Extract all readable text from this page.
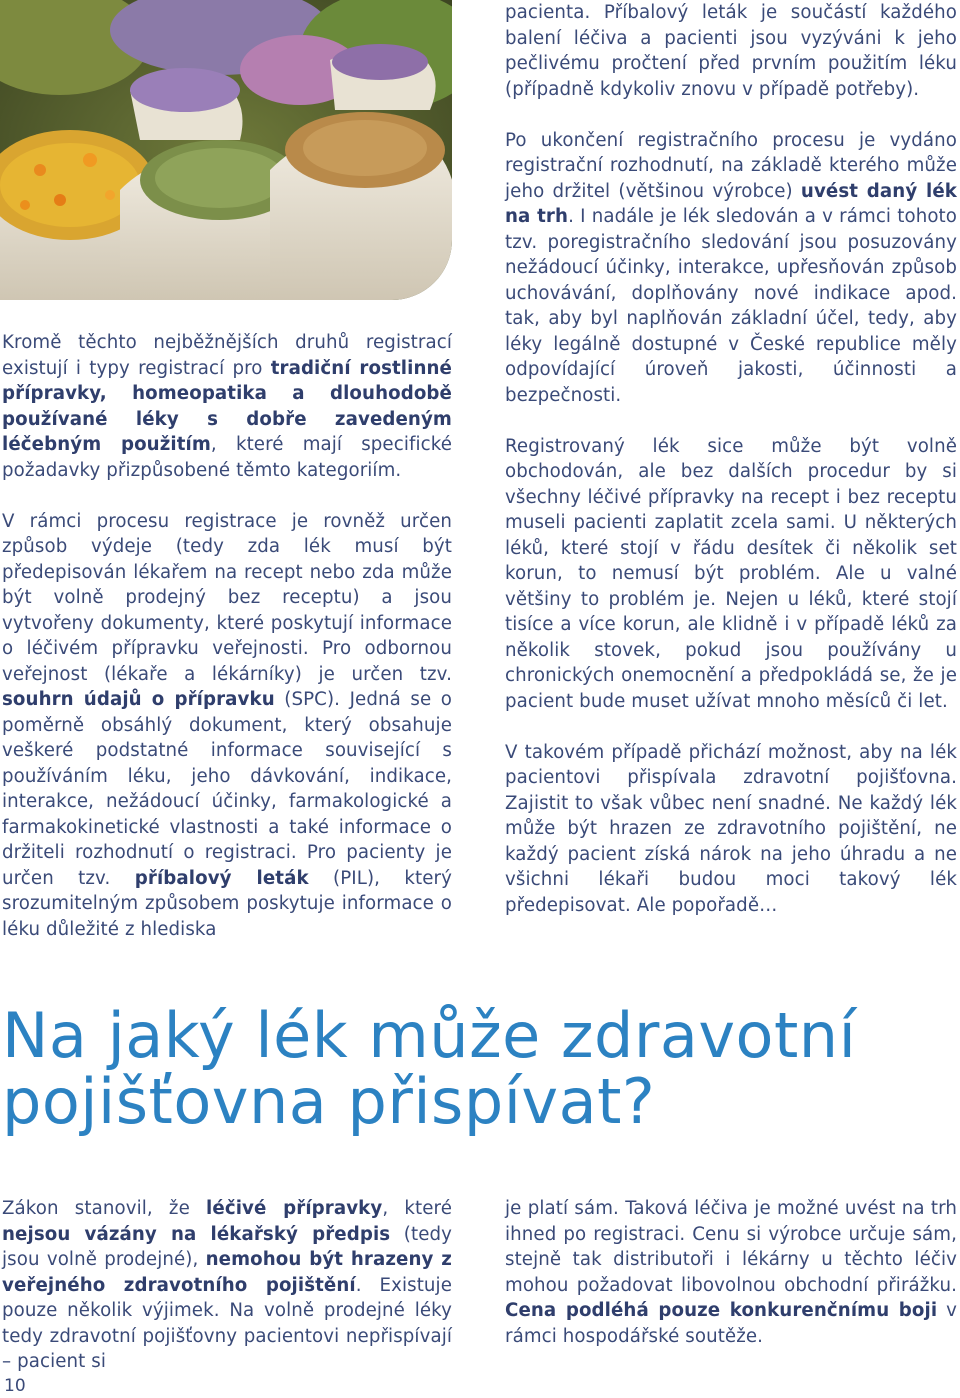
Kromě těchto nejběžnějších druhů registrací existují i typy registrací pro tradiční rostlinné přípravky, homeopatika a dlouhodobě používané léky s dobře zavedeným léčebným použitím, které mají specifické požadavky přizpůsobené těmto kategoriím.

V rámci procesu registrace je rovněž určen způsob výdeje (tedy zda lék musí být předepisován lékařem na recept nebo zda může být volně prodejný bez receptu) a jsou vytvořeny dokumenty, které poskytují informace o léčivém přípravku veřejnosti. Pro odbornou veřejnost (lékaře a lékárníky) je určen tzv. souhrn údajů o přípravku (SPC). Jedná se o poměrně obsáhlý dokument, který obsahuje veškeré podstatné informace související s používáním léku, jeho dávkování, indikace, interakce, nežádoucí účinky, farmakologické a farmakokinetické vlastnosti a také informace o držiteli rozhodnutí o registraci. Pro pacienty je určen tzv. příbalový leták (PIL), který srozumitelným způsobem poskytuje informace o léku důležité z hlediska

pacienta. Příbalový leták je součástí každého balení léčiva a pacienti jsou vyzýváni k jeho pečlivému pročtení před prvním použitím léku (případně kdykoliv znovu v případě potřeby).

Po ukončení registračního procesu je vydáno registrační rozhodnutí, na základě kterého může jeho držitel (většinou výrobce) uvést daný lék na trh. I nadále je lék sledován a v rámci tohoto tzv. poregistračního sledování jsou posuzovány nežádoucí účinky, interakce, upřesňován způsob uchovávání, doplňovány nové indikace apod. tak, aby byl naplňován základní účel, tedy, aby léky legálně dostupné v České republice měly odpovídající úroveň jakosti, účinnosti a bezpečnosti.

Registrovaný lék sice může být volně obchodován, ale bez dalších procedur by si všechny léčivé přípravky na recept i bez receptu museli pacienti zaplatit zcela sami. U některých léků, které stojí v řádu desítek či několik set korun, to nemusí být problém. Ale u valné většiny to problém je. Nejen u léků, které stojí tisíce a více korun, ale klidně i v případě léků za několik stovek, pokud jsou používány u chronických onemocnění a předpokládá se, že je pacient bude muset užívat mnoho měsíců či let.

V takovém případě přichází možnost, aby na lék pacientovi přispívala zdravotní pojišťovna. Zajistit to však vůbec není snadné. Ne každý lék může být hrazen ze zdravotního pojištění, ne každý pacient získá nárok na jeho úhradu a ne všichni lékaři budou moci takový lék předepisovat. Ale popořadě…

Na jaký lék může zdravotní
pojišťovna přispívat?

Zákon stanovil, že léčivé přípravky, které nejsou vázány na lékařský předpis (tedy jsou volně prodejné), nemohou být hrazeny z veřejného zdravotního pojištění. Existuje pouze několik výjimek. Na volně prodejné léky tedy zdravotní pojišťovny pacientovi nepřispívají – pacient si

je platí sám. Taková léčiva je možné uvést na trh ihned po registraci. Cenu si výrobce určuje sám, stejně tak distributoři i lékárny u těchto léčiv mohou požadovat libovolnou obchodní přirážku. Cena podléhá pouze konkurenčnímu boji v rámci hospodářské soutěže.

10
